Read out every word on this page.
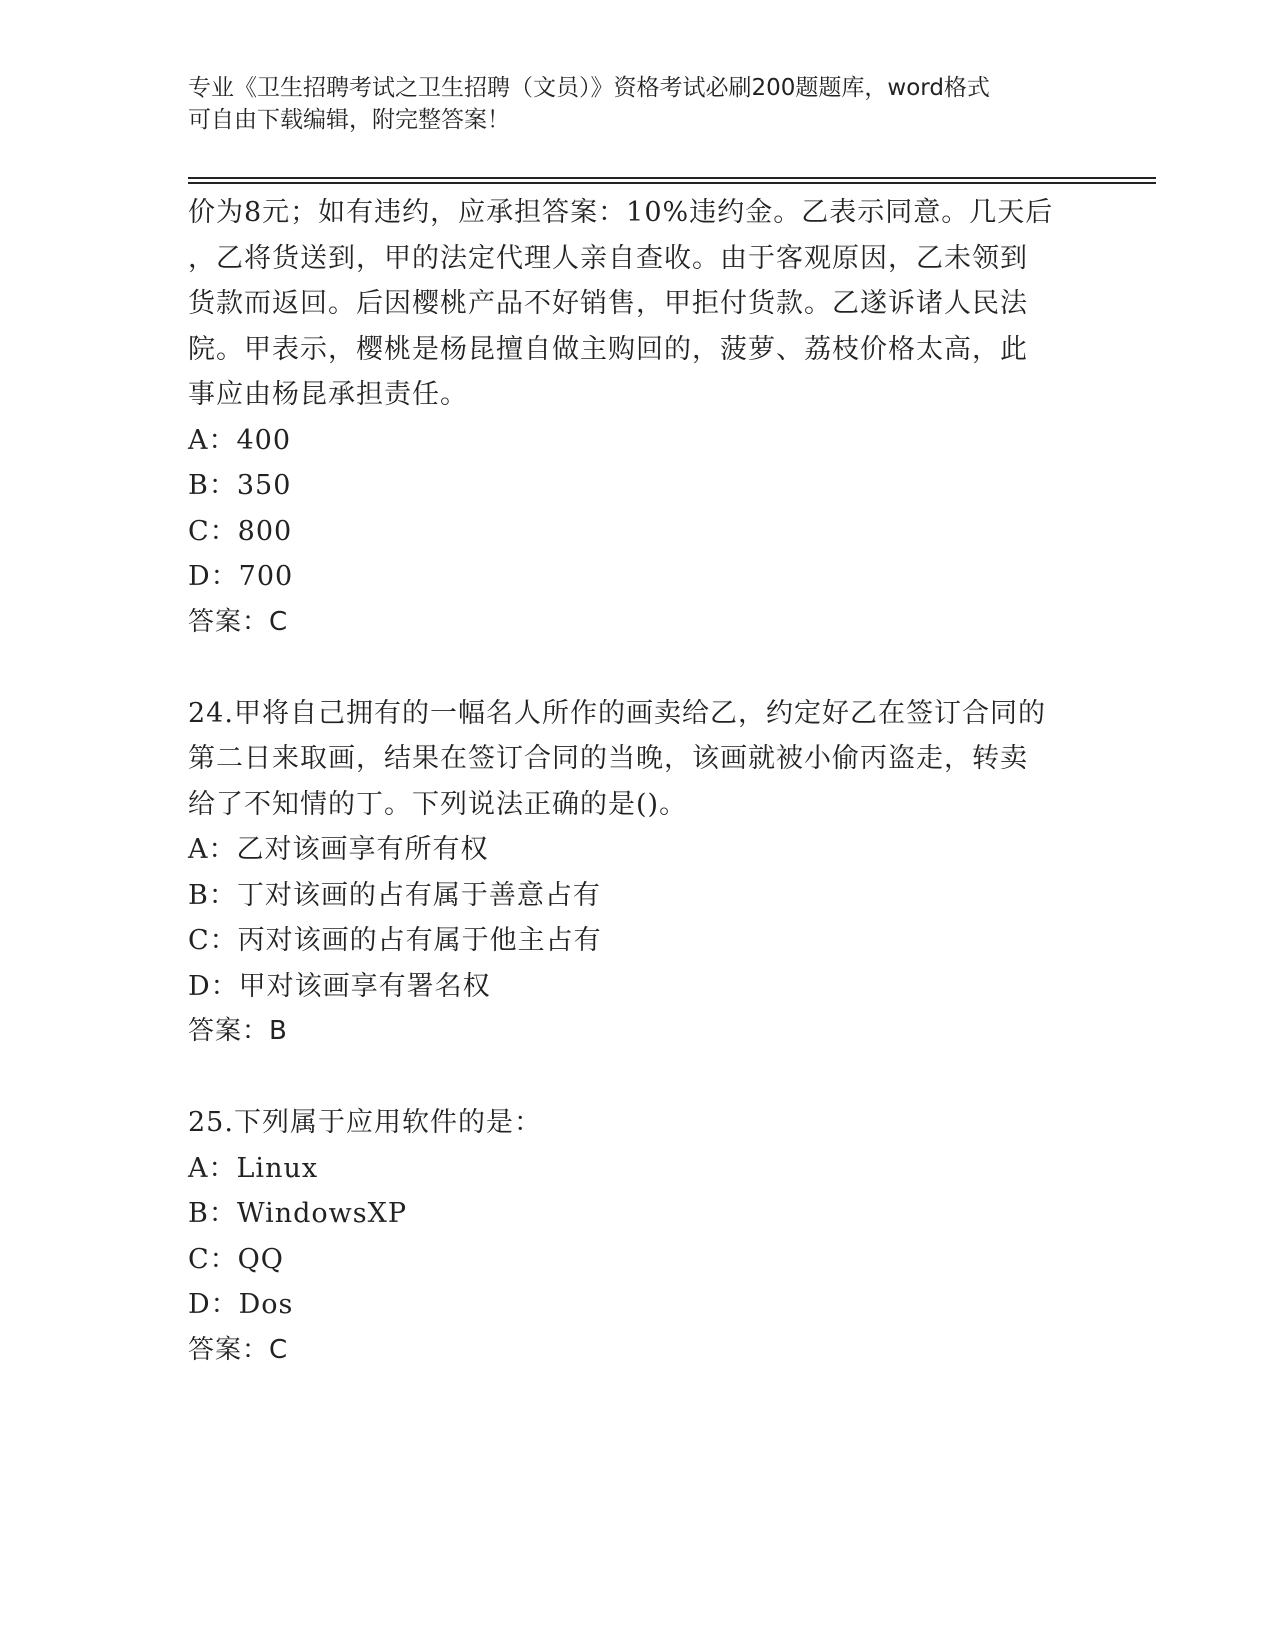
专业《卫生招聘考试之卫生招聘（文员）》资格考试必刷200题题库，word格式
可自由下载编辑，附完整答案！
价为8元；如有违约，应承担答案：10%违约金。乙表示同意。几天后
，乙将货送到，甲的法定代理人亲自查收。由于客观原因，乙未领到
货款而返回。后因樱桃产品不好销售，甲拒付货款。乙遂诉诸人民法
院。甲表示，樱桃是杨昆擅自做主购回的，菠萝、荔枝价格太高，此
事应由杨昆承担责任。
A：400
B：350
C：800
D：700
答案：C
24.甲将自己拥有的一幅名人所作的画卖给乙，约定好乙在签订合同的
第二日来取画，结果在签订合同的当晚，该画就被小偷丙盗走，转卖
给了不知情的丁。下列说法正确的是()。
A：乙对该画享有所有权
B：丁对该画的占有属于善意占有
C：丙对该画的占有属于他主占有
D：甲对该画享有署名权
答案：B
25.下列属于应用软件的是：
A：Linux
B：WindowsXP
C：QQ
D：Dos
答案：C
